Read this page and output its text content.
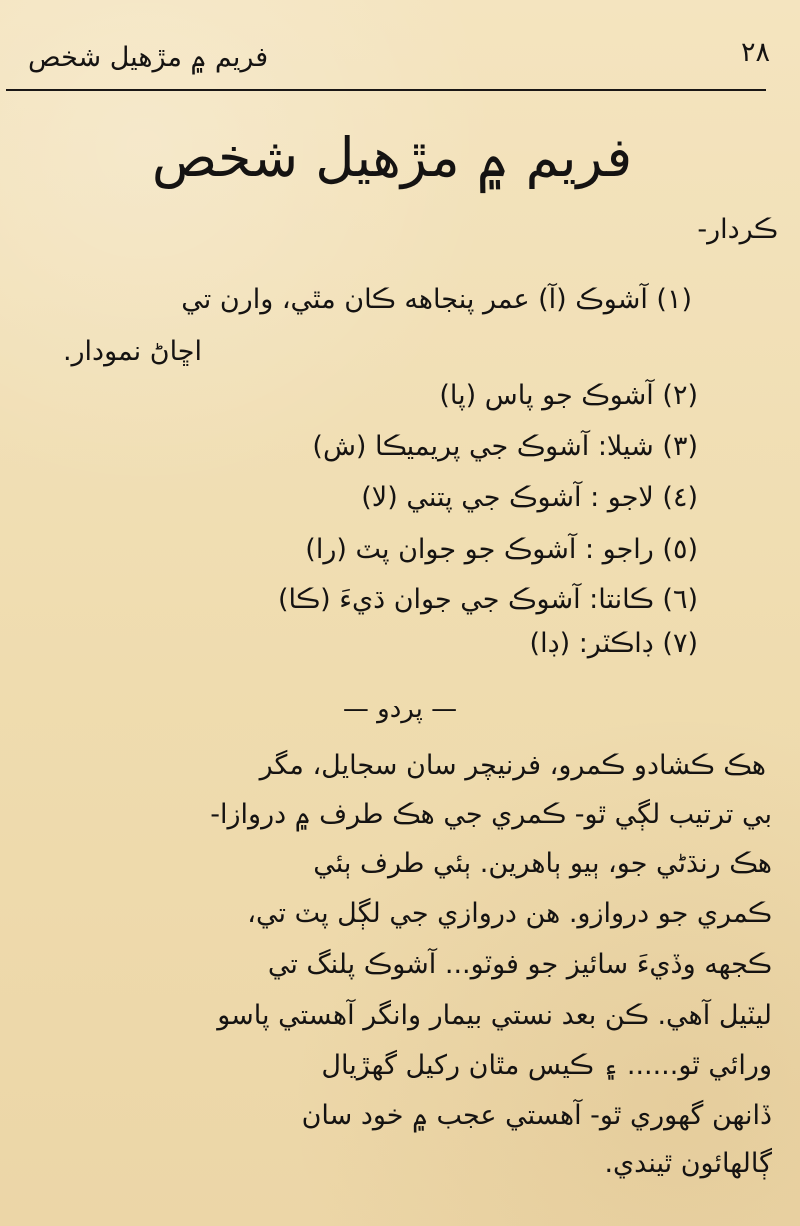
فريم ۾ مڙهيل شخص	٢٨
فريم ۾ مڙهيل شخص
ڪردار-
(١) آشوڪ (آ) عمر پنجاهه ڪان مٿي، وارن تي
اڇاڻ نمودار.
(٢) آشوڪ جو پاس (پا)
(٣) شيلا: آشوڪ جي پريميڪا (ش)
(٤) لاجو : آشوڪ جي پتني (لا)
(٥) راجو : آشوڪ جو جوان پٽ (را)
(٦) ڪانتا: آشوڪ جي جوان ڌيءَ (ڪا)
(٧) ڊاڪٽر: (ڊا)
— پردو —
هڪ ڪشادو ڪمرو، فرنيچر سان سجايل، مگر
بي ترتيب لڳي ٿو- ڪمري جي هڪ طرف ۾ دروازا-
هڪ رنڌڻي جو، ٻيو ٻاهرين. ٻئي طرف ٻئي
ڪمري جو دروازو. هن دروازي جي لڳل پٽ تي،
ڪجهه وڏيءَ سائيز جو فوٽو... آشوڪ پلنگ تي
ليٽيل آهي. ڪن بعد نستي بيمار وانگر آهستي پاسو
ورائي ٿو...... ۽ ڪيس مٿان رکيل گهڙيال
ڏانهن گهوري ٿو- آهستي عجب ۾ خود سان
ڳالهائون ٿيندي.
